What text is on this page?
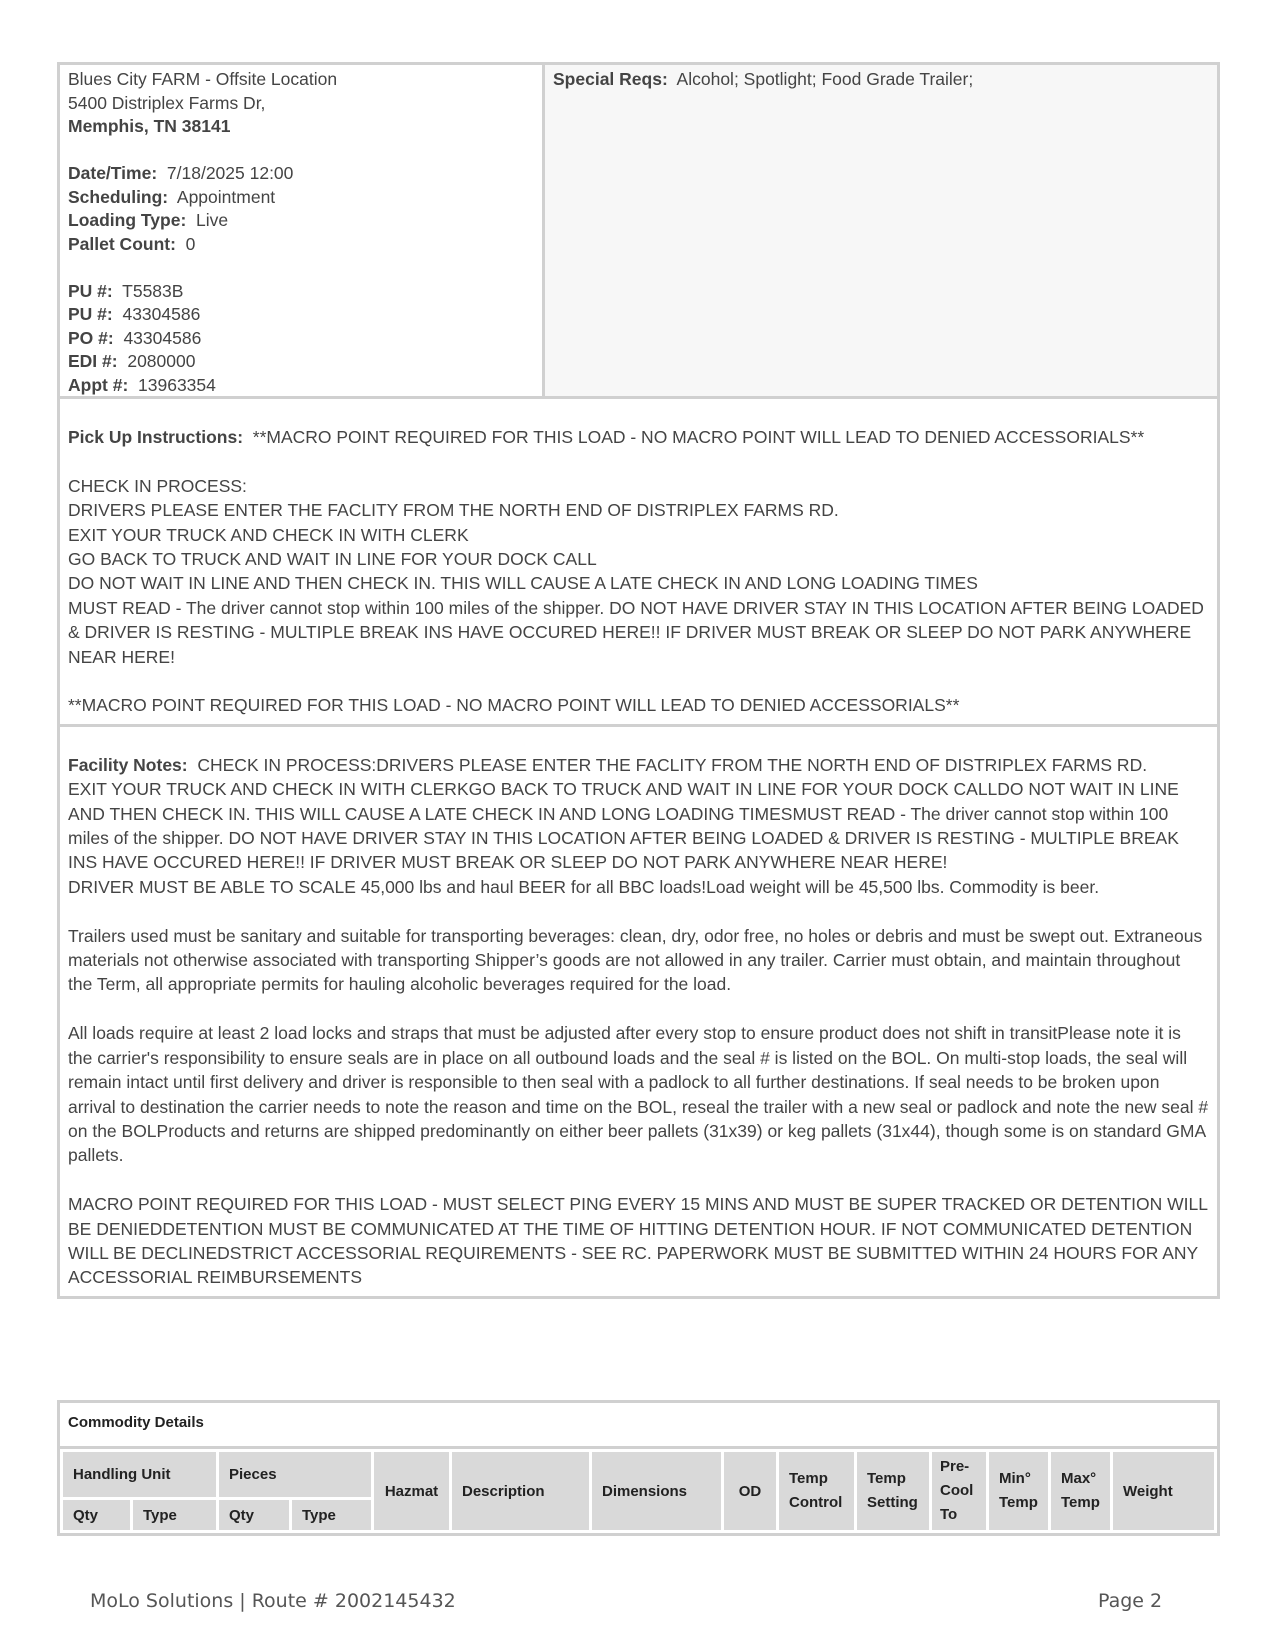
Blues City FARM - Offsite Location
5400 Distriplex Farms Dr,
Memphis, TN 38141
Date/Time: 7/18/2025 12:00
Scheduling: Appointment
Loading Type: Live
Pallet Count: 0
PU #: T5583B
PU #: 43304586
PO #: 43304586
EDI #: 2080000
Appt #: 13963354
Special Reqs: Alcohol; Spotlight; Food Grade Trailer;
Pick Up Instructions: **MACRO POINT REQUIRED FOR THIS LOAD - NO MACRO POINT WILL LEAD TO DENIED ACCESSORIALS**
CHECK IN PROCESS:
DRIVERS PLEASE ENTER THE FACLITY FROM THE NORTH END OF DISTRIPLEX FARMS RD.
EXIT YOUR TRUCK AND CHECK IN WITH CLERK
GO BACK TO TRUCK AND WAIT IN LINE FOR YOUR DOCK CALL
DO NOT WAIT IN LINE AND THEN CHECK IN. THIS WILL CAUSE A LATE CHECK IN AND LONG LOADING TIMES
MUST READ - The driver cannot stop within 100 miles of the shipper. DO NOT HAVE DRIVER STAY IN THIS LOCATION AFTER BEING LOADED & DRIVER IS RESTING - MULTIPLE BREAK INS HAVE OCCURED HERE!! IF DRIVER MUST BREAK OR SLEEP DO NOT PARK ANYWHERE NEAR HERE!
**MACRO POINT REQUIRED FOR THIS LOAD - NO MACRO POINT WILL LEAD TO DENIED ACCESSORIALS**
Facility Notes: CHECK IN PROCESS:DRIVERS PLEASE ENTER THE FACLITY FROM THE NORTH END OF DISTRIPLEX FARMS RD.
EXIT YOUR TRUCK AND CHECK IN WITH CLERKGO BACK TO TRUCK AND WAIT IN LINE FOR YOUR DOCK CALLDO NOT WAIT IN LINE AND THEN CHECK IN. THIS WILL CAUSE A LATE CHECK IN AND LONG LOADING TIMESMUST READ - The driver cannot stop within 100 miles of the shipper. DO NOT HAVE DRIVER STAY IN THIS LOCATION AFTER BEING LOADED & DRIVER IS RESTING - MULTIPLE BREAK INS HAVE OCCURED HERE!! IF DRIVER MUST BREAK OR SLEEP DO NOT PARK ANYWHERE NEAR HERE!
DRIVER MUST BE ABLE TO SCALE 45,000 lbs and haul BEER for all BBC loads!Load weight will be 45,500 lbs. Commodity is beer.
Trailers used must be sanitary and suitable for transporting beverages: clean, dry, odor free, no holes or debris and must be swept out. Extraneous materials not otherwise associated with transporting Shipper’s goods are not allowed in any trailer. Carrier must obtain, and maintain throughout the Term, all appropriate permits for hauling alcoholic beverages required for the load.
All loads require at least 2 load locks and straps that must be adjusted after every stop to ensure product does not shift in transitPlease note it is the carrier's responsibility to ensure seals are in place on all outbound loads and the seal # is listed on the BOL. On multi-stop loads, the seal will remain intact until first delivery and driver is responsible to then seal with a padlock to all further destinations. If seal needs to be broken upon arrival to destination the carrier needs to note the reason and time on the BOL, reseal the trailer with a new seal or padlock and note the new seal # on the BOLProducts and returns are shipped predominantly on either beer pallets (31x39) or keg pallets (31x44), though some is on standard GMA pallets.
MACRO POINT REQUIRED FOR THIS LOAD - MUST SELECT PING EVERY 15 MINS AND MUST BE SUPER TRACKED OR DETENTION WILL BE DENIEDDETENTION MUST BE COMMUNICATED AT THE TIME OF HITTING DETENTION HOUR. IF NOT COMMUNICATED DETENTION WILL BE DECLINEDSTRICT ACCESSORIAL REQUIREMENTS - SEE RC. PAPERWORK MUST BE SUBMITTED WITHIN 24 HOURS FOR ANY ACCESSORIAL REIMBURSEMENTS
Commodity Details
Handling Unit		Pieces		Hazmat	Description	Dimensions	OD	Temp Control	Temp Setting	Pre-Cool To	Min° Temp	Max° Temp	Weight
Qty	Type	Qty	Type										
MoLo Solutions | Route # 2002145432	Page 2
